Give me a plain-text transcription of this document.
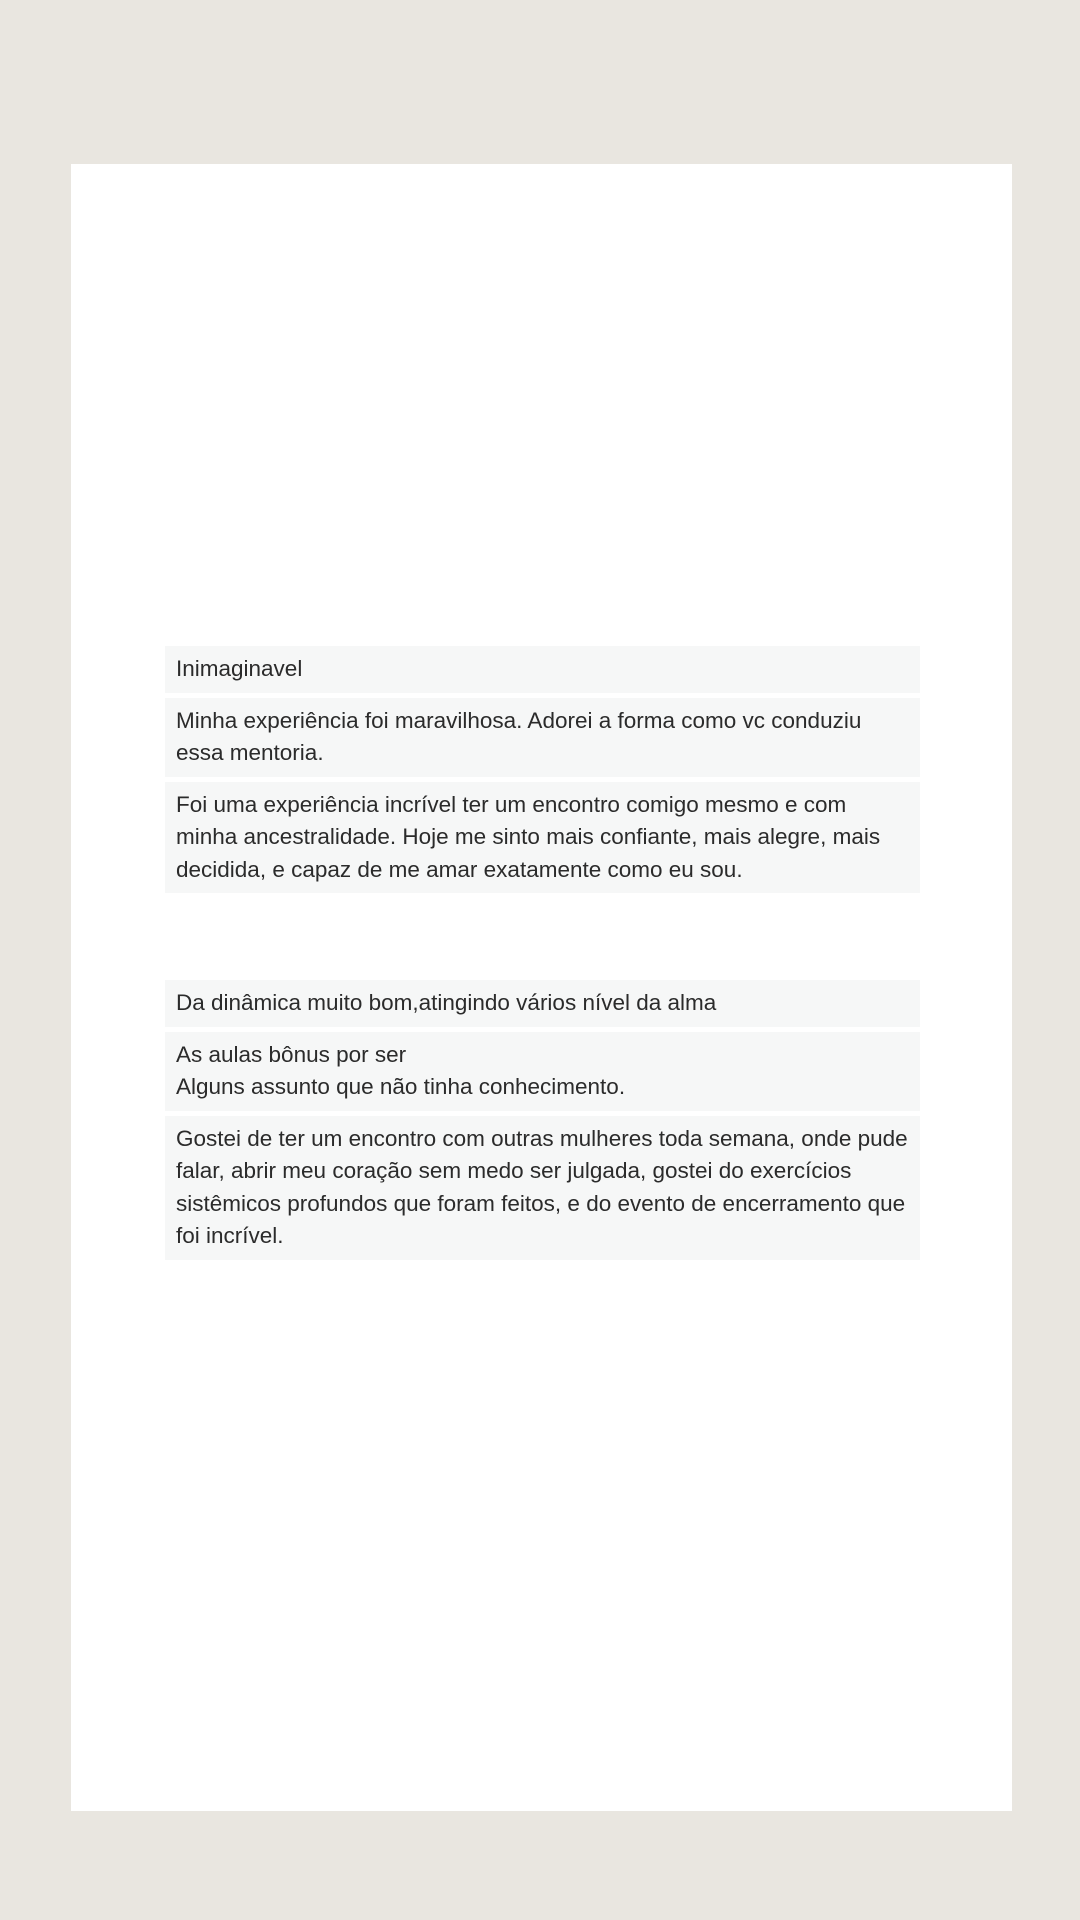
Inimaginavel
Minha experiência foi maravilhosa. Adorei a forma como vc conduziu essa mentoria.
Foi uma experiência incrível ter um encontro comigo mesmo e com minha ancestralidade. Hoje me sinto mais confiante, mais alegre, mais decidida, e capaz de me amar exatamente como eu sou.
Da dinâmica muito bom,atingindo vários nível da alma
As aulas bônus por ser
Alguns assunto que não tinha conhecimento.
Gostei de ter um encontro com outras mulheres toda semana, onde pude falar, abrir meu coração sem medo ser julgada, gostei do exercícios sistêmicos profundos que foram feitos, e do evento de encerramento que foi incrível.
